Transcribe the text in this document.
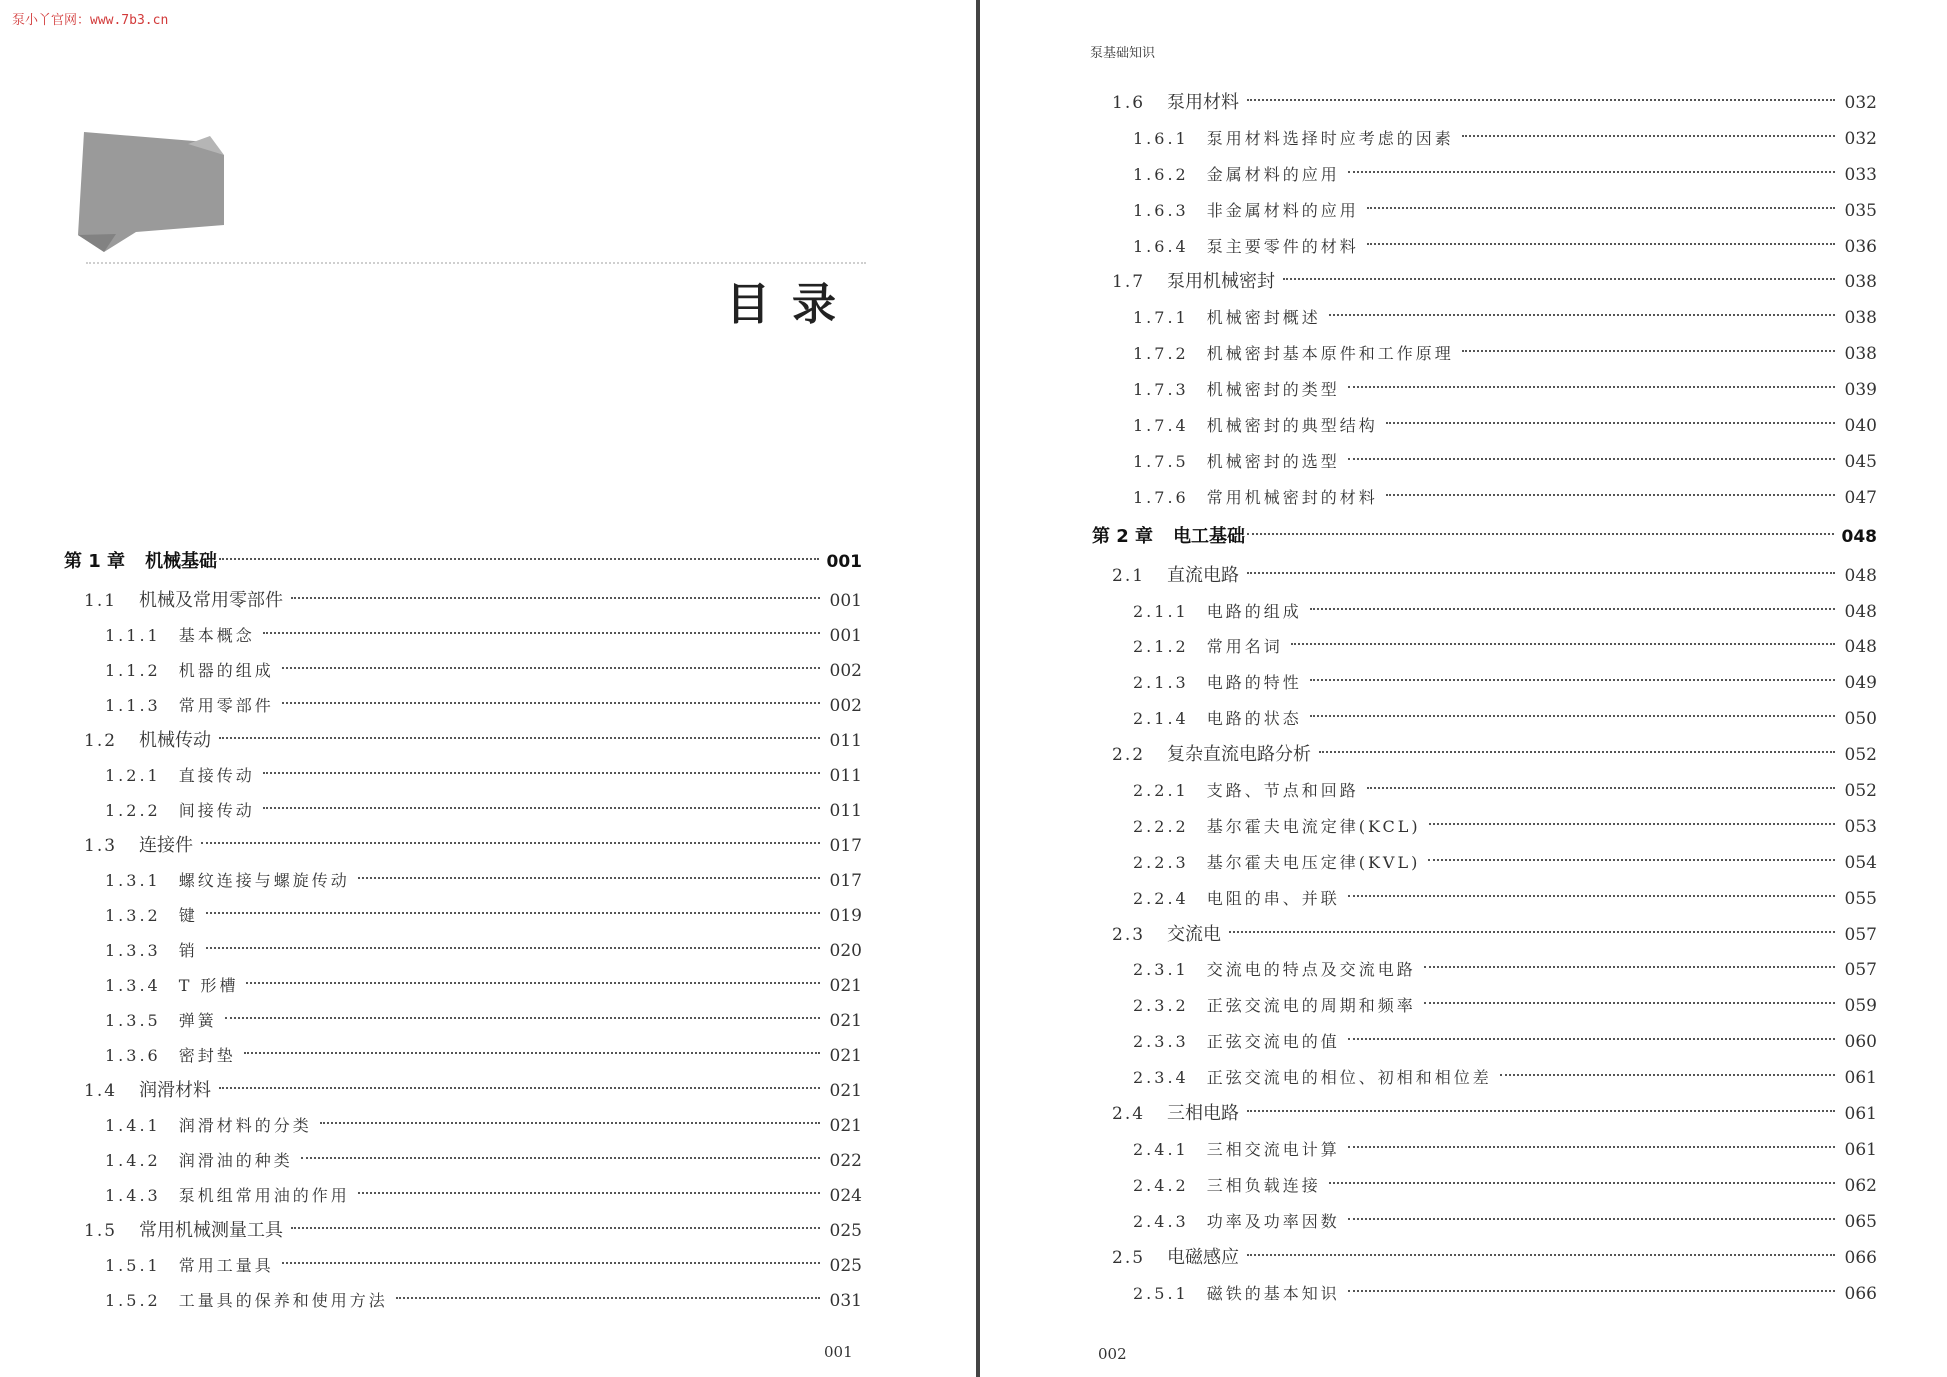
泵小丫官网：www.7b3.cn
目录
第 1 章 机械基础	001
1.1 机械及常用零部件	001
1.1.1 基本概念	001
1.1.2 机器的组成	002
1.1.3 常用零部件	002
1.2 机械传动	011
1.2.1 直接传动	011
1.2.2 间接传动	011
1.3 连接件	017
1.3.1 螺纹连接与螺旋传动	017
1.3.2 键	019
1.3.3 销	020
1.3.4 T 形槽	021
1.3.5 弹簧	021
1.3.6 密封垫	021
1.4 润滑材料	021
1.4.1 润滑材料的分类	021
1.4.2 润滑油的种类	022
1.4.3 泵机组常用油的作用	024
1.5 常用机械测量工具	025
1.5.1 常用工量具	025
1.5.2 工量具的保养和使用方法	031
001
泵基础知识
1.6 泵用材料	032
1.6.1 泵用材料选择时应考虑的因素	032
1.6.2 金属材料的应用	033
1.6.3 非金属材料的应用	035
1.6.4 泵主要零件的材料	036
1.7 泵用机械密封	038
1.7.1 机械密封概述	038
1.7.2 机械密封基本原件和工作原理	038
1.7.3 机械密封的类型	039
1.7.4 机械密封的典型结构	040
1.7.5 机械密封的选型	045
1.7.6 常用机械密封的材料	047
第 2 章 电工基础	048
2.1 直流电路	048
2.1.1 电路的组成	048
2.1.2 常用名词	048
2.1.3 电路的特性	049
2.1.4 电路的状态	050
2.2 复杂直流电路分析	052
2.2.1 支路、节点和回路	052
2.2.2 基尔霍夫电流定律(KCL)	053
2.2.3 基尔霍夫电压定律(KVL)	054
2.2.4 电阻的串、并联	055
2.3 交流电	057
2.3.1 交流电的特点及交流电路	057
2.3.2 正弦交流电的周期和频率	059
2.3.3 正弦交流电的值	060
2.3.4 正弦交流电的相位、初相和相位差	061
2.4 三相电路	061
2.4.1 三相交流电计算	061
2.4.2 三相负载连接	062
2.4.3 功率及功率因数	065
2.5 电磁感应	066
2.5.1 磁铁的基本知识	066
002
